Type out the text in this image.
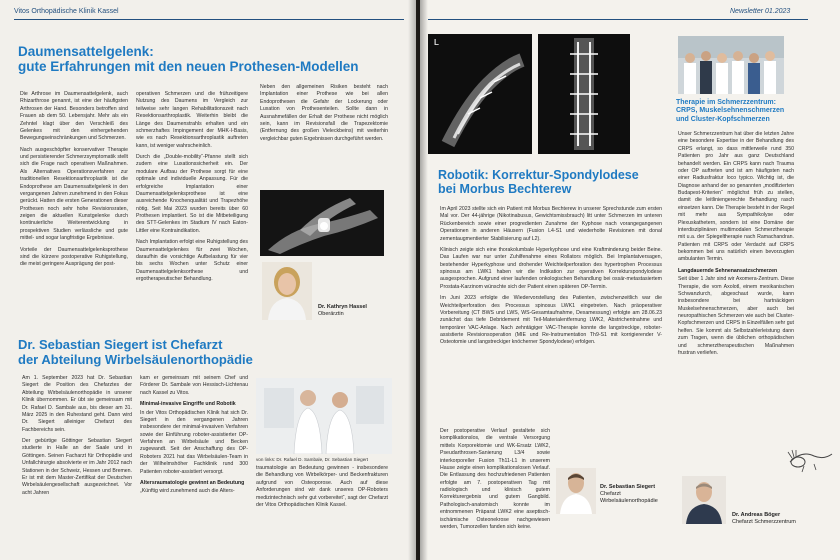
Vitos Orthopädische Klinik Kassel
Daumensattelgelenk:
gute Erfahrungen mit den neuen Prothesen-Modellen

Die Arthrose im Daumensattelgelenk, auch Rhizarthrose genannt, ist eine der häufigsten Arthrosen der Hand. Besonders betroffen sind Frauen ab dem 50. Lebensjahr. Mehr als ein Zehntel klagt über den Verschleiß des Gelenkes mit den einhergehenden Bewegungseinschränkungen und Schmerzen.

Nach ausgeschöpfter konservativer Therapie und persistierender Schmerzsymptomatik stellt sich die Frage nach operativen Maßnahmen. Als Alternatives Operationsverfahren zur traditionellen Resektionsarthroplastik ist die Endoprothese am Daumensattelgelenk in den vergangenen Jahren zunehmend in den Fokus gerückt. Hatten die ersten Generationen dieser Prothesen noch sehr hohe Revisionsraten, zeigen die aktuellen Kunstgelenke durch kontinuierliche Weiterentwicklung in prospektiven Studien verlässliche und gute mittel- und sogar langfristige Ergebnisse.

Vorteile der Daumensattelgelenksprothese sind die kürzere postoperative Ruhigstellung, die meist geringere Ausprägung der post-

operativen Schmerzen und die frühzeitigere Nutzung des Daumens im Vergleich zur teilweise sehr langen Rehabilitationszeit nach Resektionsarthroplastik. Weiterhin bleibt die Länge des Daumenstrahls erhalten und ein schmerzhaftes Impingement der MHK-I-Basis, wie es nach Resektionsarthroplastik auftreten kann, ist weniger wahrscheinlich.

Durch die „Double-mobility“-Pfanne stellt sich zudem eine Luxationssicherheit ein. Der modulare Aufbau der Prothese sorgt für eine optimale und individuelle Anpassung. Für die erfolgreiche Implantation einer Daumensattelgelenksprothese ist eine ausreichende Knochenqualität und Trapezhöhe nötig. Seit Mai 2023 wurden bereits über 60 Prothesen implantiert. So ist die Mitbeteiligung des STT-Gelenkes im Stadium IV nach Eaton-Littler eine Kontraindikation.

Nach Implantation erfolgt eine Ruhigstellung des Daumensattelgelenkes für zwei Wochen, daraufhin die vorsichtige Aufbelastung für vier bis sechs Wochen unter Schutz einer Daumensattelgelenksorthese und ergotherapeutischer Behandlung.

Neben den allgemeinen Risiken besteht nach Implantation einer Prothese wie bei allen Endoprothesen die Gefahr der Lockerung oder Luxation von Prothesenteilen. Sollte dann in Ausnahmefällen der Erhalt der Prothese nicht möglich sein, kann im Revisionsfall die Trapezektomie (Entfernung des großen Vieleckbeins) mit weiterhin vergleichbar guten Ergebnissen durchgeführt werden.

Dr. Kathryn Hassel
Oberärztin
Dr. Sebastian Siegert ist Chefarzt
der Abteilung Wirbelsäulenorthopädie

Am 1. September 2023 hat Dr. Sebastian Siegert die Position des Chefarztes der Abteilung Wirbelsäulenorthopädie in unserer Klinik übernommen. Er übt sie gemeinsam mit Dr. Rafael D. Sambale aus, bis dieser am 31. März 2025 in den Ruhestand geht. Dann wird Dr. Siegert alleiniger Chefarzt des Fachbereichs sein.

Der gebürtige Göttinger Sebastian Siegert studierte in Halle an der Saale und in Göttingen. Seinen Facharzt für Orthopädie und Unfallchirurgie absolvierte er im Jahr 2012 nach Stationen in der Schweiz, Hessen und Bremen. Er ist mit dem Master-Zertifikat der Deutschen Wirbelsäulengesellschaft ausgezeichnet. Vor acht Jahren

kam er gemeinsam mit seinem Chef und Förderer Dr. Sambale von Hessisch-Lichtenau nach Kassel zu Vitos.

Minimal-invasive Eingriffe und Robotik

In der Vitos Orthopädischen Klinik hat sich Dr. Siegert in den vergangenen Jahren insbesondere der minimal-invasiven Verfahren sowie der Einführung roboter-assistierter OP-Verfahren an Wirbelsäule und Becken zugewandt. Seit der Anschaffung des OP-Roboters 2021 hat das Wirbelsäulen-Team in der Wilhelmshöher Fachklinik rund 300 Patienten roboter-assistiert versorgt.

Altersraumatologie gewinnt an Bedeutung

„Künftig wird zunehmend auch die Alters-

von links: Dr. Rafael D. Sambale, Dr. Sebastian Siegert

traumatologie an Bedeutung gewinnen - insbesondere die Behandlung von Wirbelkörper- und Beckenfrakturen aufgrund von Osteoporose. Auch auf diese Anforderungen sind wir dank unseres OP-Roboters medizintechnisch sehr gut vorbereitet“, sagt der Chefarzt der Vitos Orthopädischen Klinik Kassel.

Newsletter 01.2023
L
Robotik: Korrektur-Spondylodese
bei Morbus Bechterew

Im April 2023 stellte sich ein Patient mit Morbus Bechterew in unserer Sprechstunde zum ersten Mal vor. Der 44-jährige (Nikotinabusus, Gewichtsmissbrauch) litt unter Schmerzen im unteren Rückenbereich sowie einer progredienten Zunahme der Kyphose nach vorangegangenen Operationen in anderen Häusern (Fusion L4-S1 und wiederholte Revisionen mit donal zementaugmentierter Stabilisierung auf L2).

Klinisch zeigte sich eine thorakolumbale Hyperkyphose und eine Kraftminderung beider Beine. Das Laufen war nur unter Zuhilfenahme eines Rollators möglich. Bei Implantatversagen, bestehender Hyperkyphose und drohender Weichteilperforation des hypertrophen Processus spinosus am LWK1 haben wir die Indikation zur operativen Korrekturspondylodese ausgesprochen. Aufgrund einer laufenden onkologischen Behandlung bei ossär-metastasiertem Prostata-Karzinom wünschte sich der Patient einen späteren OP-Termin.

Im Juni 2023 erfolgte die Wiedervorstellung des Patienten, zwischenzeitlich war die Weichteilperforation des Processus spinosus LWK1 eingetreten. Nach präoperativer Vorbereitung (CT BWS und LWS, WS-Gesamtaufnahme, Dexamessung) erfolgte am 28.06.23 zunächst das tiefe Debridement mit Teil-Materialentfernung LWK2, Abstrichentnahme und temporärer VAC-Anlage. Nach zehntägiger VAC-Therapie konnte die langstreckige, roboter-assistierte Revisionsoperation (MIE und Re-Instrumentation Th9-S1 mit korrigierender V-Osteotomie und langstreckiger knöcherner Spondylodese) erfolgen.

Der postoperative Verlauf gestaltete sich komplikationslos, die ventrale Versorgung mittels Korporektomie und WK-Ersatz LWK2, Pseudarthrosen-Sanierung L3/4 sowie interkorporeller Fusion Th11-L1 in unserem Hause zeigte einen komplikationslosen Verlauf. Die Entlassung des hochzufriedenen Patienten erfolgte am 7. postoperativen Tag mit radiologisch und klinisch gutem Korrekturergebnis und gutem Gangbild. Pathologisch-anatomisch konnte im entnommenen Präparat LWK2 eine aseptisch-ischämische Osteonekrose nachgewiesen werden, Tumorzellen fanden sich keine.

Dr. Sebastian Siegert
Chefarzt
Wirbelsäulenorthopädie
Therapie im Schmerzzentrum:
CRPS, Muskelsehnenschmerzen
und Cluster-Kopfschmerzen

Unser Schmerzzentrum hat über die letzten Jahre eine besondere Expertise in der Behandlung des CRPS erlangt, so dass mittlerweile rund 350 Patienten pro Jahr aus ganz Deutschland behandelt werden. Ein CRPS kann nach Trauma oder OP auftreten und ist am häufigsten nach einer Radiusfraktur loco typico. Wichtig ist, die Diagnose anhand der so genannten „modifizierten Budapest-Kriterien“ möglichst früh zu stellen, damit die leitliniengerechte Behandlung rasch einsetzen kann. Die Therapie besteht in der Regel mit mehr aus Sympathikolyse oder Plexuskathetern, sondern ist eine Domäne der interdisziplinären multimodalen Schmerztherapie mit u.a. der Spiegeltherapie nach Ramachandran. Patienten mit CRPS oder Verdacht auf CRPS bekommen bei uns natürlich einen bevorzugten ambulanten Termin.

Langdauernde Sehnenansatzschmerzen

Seit über 1 Jahr sind wir Axomera-Zentrum. Diese Therapie, die vom Axolotl, einem mexikanischen Schwanzlurch, abgeschaut wurde, kann insbesondere bei hartnäckigen Muskelsehnenschmerzen, aber auch bei neuropathischen Schmerzen wie auch bei Cluster-Kopfschmerzen und CRPS in Einzelfällen sehr gut helfen. Sie kommt als Selbstzahlerleistung dann zum Tragen, wenn die üblichen orthopädischen und schmerztherapeutischen Maßnahmen frustran verliefen.

Dr. Andreas Böger
Chefarzt Schmerzzentrum
